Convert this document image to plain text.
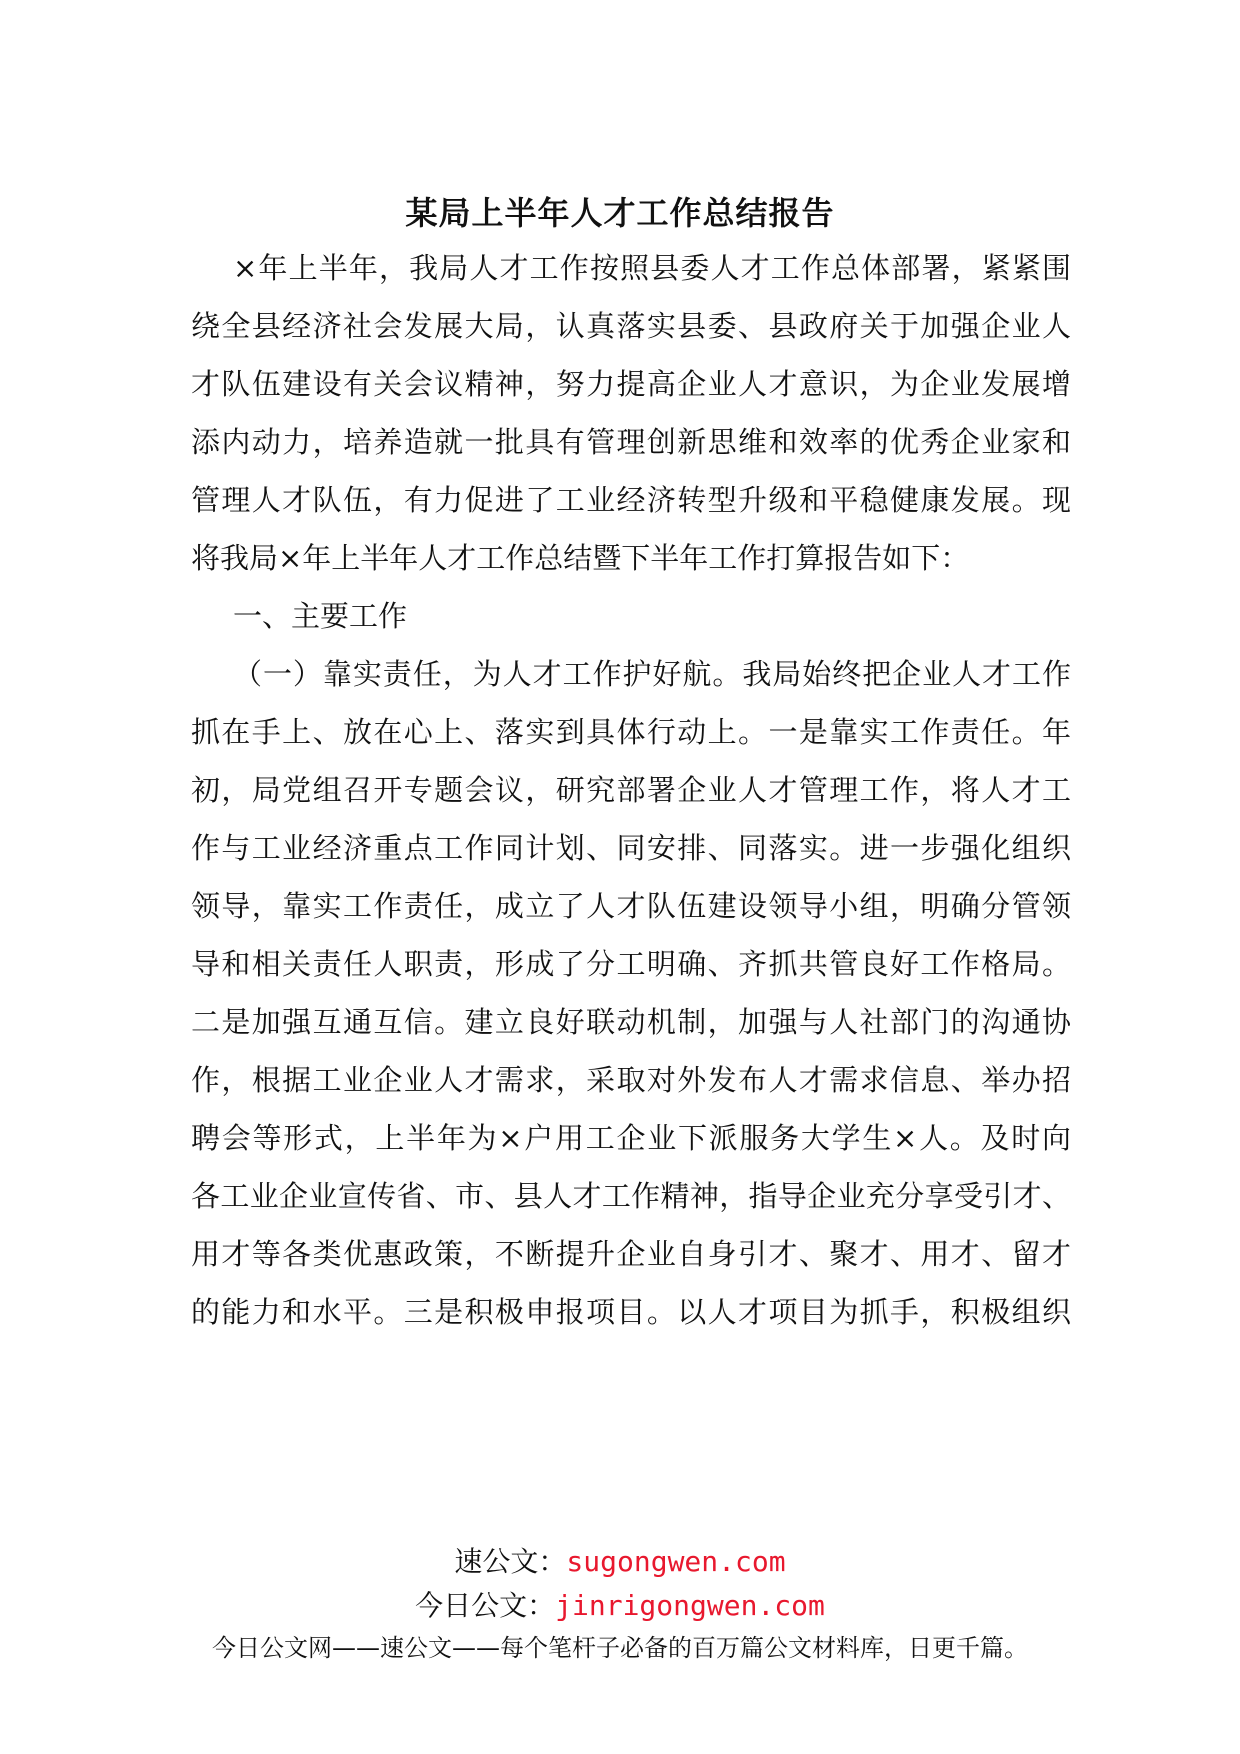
某局上半年人才工作总结报告
×年上半年，我局人才工作按照县委人才工作总体部署，紧紧围
绕全县经济社会发展大局，认真落实县委、县政府关于加强企业人
才队伍建设有关会议精神，努力提高企业人才意识，为企业发展增
添内动力，培养造就一批具有管理创新思维和效率的优秀企业家和
管理人才队伍，有力促进了工业经济转型升级和平稳健康发展。现
将我局×年上半年人才工作总结暨下半年工作打算报告如下：
一、主要工作
（一）靠实责任，为人才工作护好航。我局始终把企业人才工作
抓在手上、放在心上、落实到具体行动上。一是靠实工作责任。年
初，局党组召开专题会议，研究部署企业人才管理工作，将人才工
作与工业经济重点工作同计划、同安排、同落实。进一步强化组织
领导，靠实工作责任，成立了人才队伍建设领导小组，明确分管领
导和相关责任人职责，形成了分工明确、齐抓共管良好工作格局。
二是加强互通互信。建立良好联动机制，加强与人社部门的沟通协
作，根据工业企业人才需求，采取对外发布人才需求信息、举办招
聘会等形式，上半年为×户用工企业下派服务大学生×人。及时向
各工业企业宣传省、市、县人才工作精神，指导企业充分享受引才、
用才等各类优惠政策，不断提升企业自身引才、聚才、用才、留才
的能力和水平。三是积极申报项目。以人才项目为抓手，积极组织
速公文：sugongwen.com
今日公文：jinrigongwen.com
今日公文网——速公文——每个笔杆子必备的百万篇公文材料库，日更千篇。
